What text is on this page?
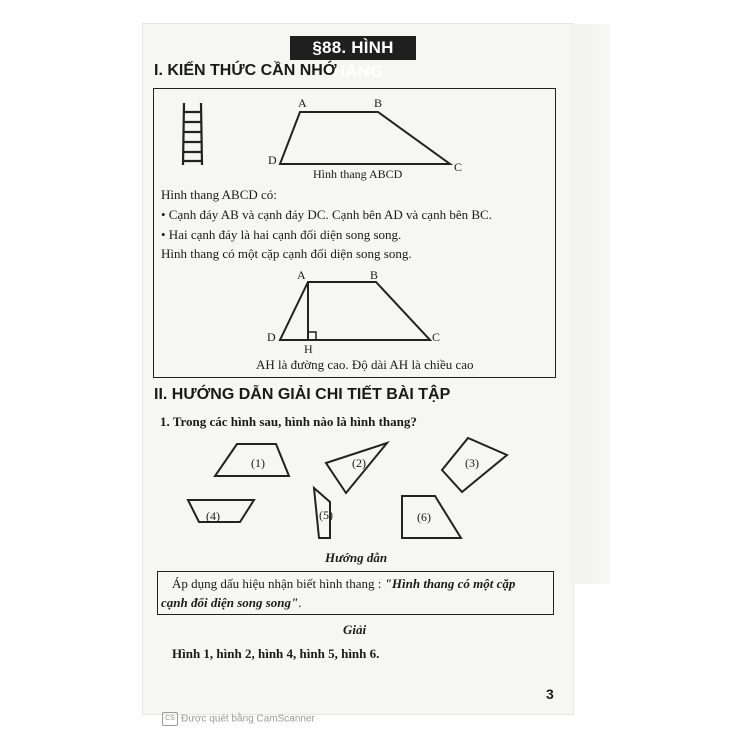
§88. HÌNH THANG
I. KIẾN THỨC CẦN NHỚ
A	B
C
D
Hình thang ABCD
Hình thang ABCD có:
• Cạnh đáy AB và cạnh đáy DC. Cạnh bên AD và cạnh bên BC.
• Hai cạnh đáy là hai cạnh đối diện song song.
Hình thang có một cặp cạnh đối diện song song.
A	B
C
D
H
AH là đường cao. Độ dài AH là chiều cao
II. HƯỚNG DẪN GIẢI CHI TIẾT BÀI TẬP
1. Trong các hình sau, hình nào là hình thang?
(1)	(2)	(3)
(4)	(5)	(6)
Hướng dẫn
Áp dụng dấu hiệu nhận biết hình thang : "Hình thang có một cặp
cạnh đối diện song song".
Giải
Hình 1, hình 2, hình 4, hình 5, hình 6.
3
CS Được quét bằng CamScanner
